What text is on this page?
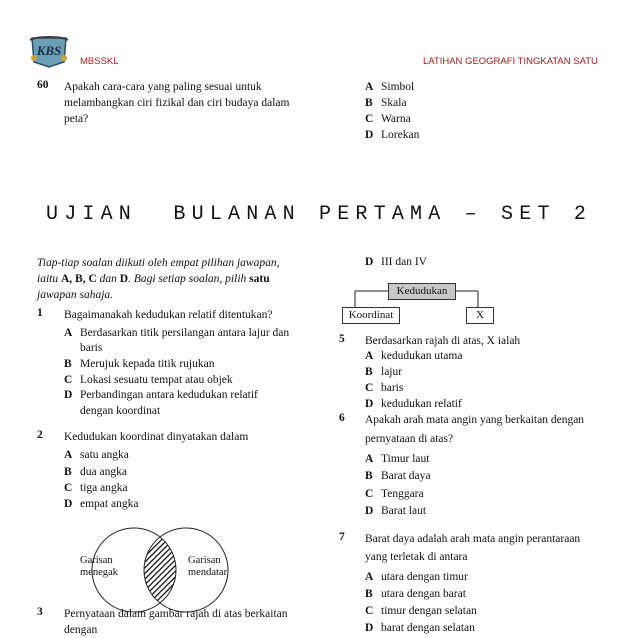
KBS
MBSSKL	LATIHAN GEOGRAFI TINGKATAN SATU
60 Apakah cara-cara yang paling sesuai untuk
melambangkan ciri fizikal dan ciri budaya dalam
peta?
A Simbol
B Skala
C Warna
D Lorekan
UJIAN  BULANAN PERTAMA – SET 2
Tiap-tiap soalan diikuti oleh empat pilihan jawapan,
iaitu A, B, C dan D. Bagi setiap soalan, pilih satu
jawapan sahaja.
1 Bagaimanakah kedudukan relatif ditentukan?
A Berdasarkan titik persilangan antara lajur dan
baris
B Merujuk kepada titik rujukan
C Lokasi sesuatu tempat atau objek
D Perbandingan antara kedudukan relatif
dengan koordinat
2 Kedudukan koordinat dinyatakan dalam
A satu angka
B dua angka
C tiga angka
D empat angka
Garisan
menegak
Garisan
mendatar
3 Pernyataan dalam gambar rajah di atas berkaitan
dengan
D III dan IV
Kedudukan
Koordinat	X
5 Berdasarkan rajah di atas, X ialah
A kedudukan utama
B lajur
C baris
D kedudukan relatif
6 Apakah arah mata angin yang berkaitan dengan
pernyataan di atas?
A Timur laut
B Barat daya
C Tenggara
D Barat laut
7 Barat daya adalah arah mata angin perantaraan
yang terletak di antara
A utara dengan timur
B utara dengan barat
C timur dengan selatan
D barat dengan selatan
